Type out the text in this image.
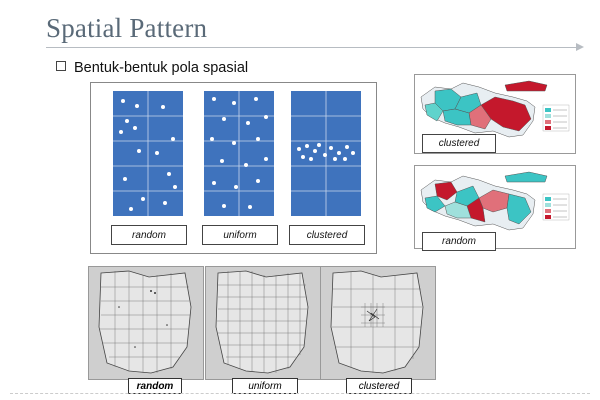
Spatial Pattern
Bentuk-bentuk pola spasial
random	uniform	clustered
clustered
random
random	uniform	clustered
